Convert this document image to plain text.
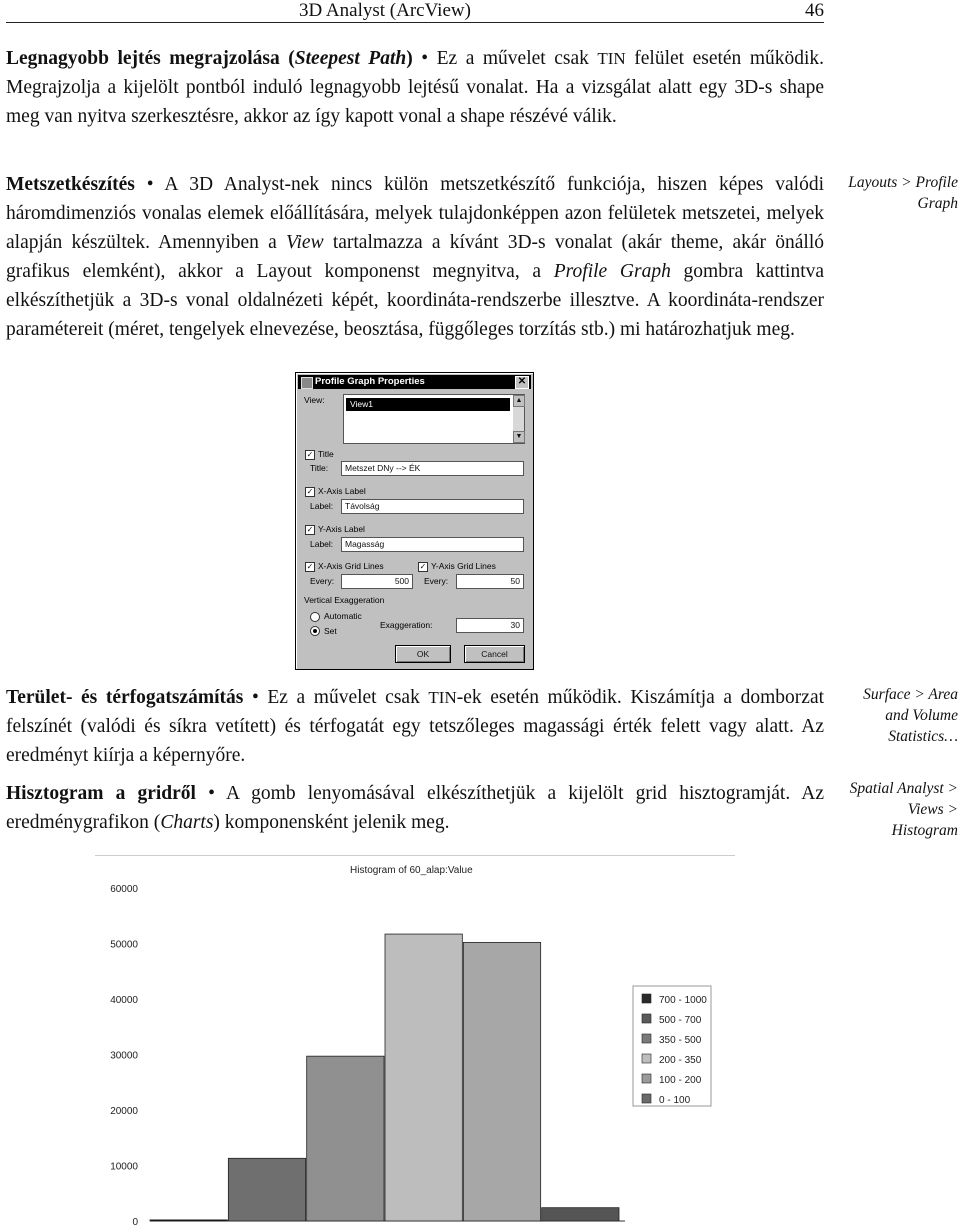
3D Analyst (ArcView)	46
Legnagyobb lejtés megrajzolása (Steepest Path) • Ez a művelet csak TIN felület esetén működik. Megrajzolja a kijelölt pontból induló legnagyobb lejtésű vonalat. Ha a vizsgálat alatt egy 3D-s shape meg van nyitva szerkesztésre, akkor az így kapott vonal a shape részévé válik.
Metszetkészítés • A 3D Analyst-nek nincs külön metszetkészítő funkciója, hiszen képes valódi háromdimenziós vonalas elemek előállítására, melyek tulajdonképpen azon felületek metszetei, melyek alapján készültek. Amennyiben a View tartalmazza a kívánt 3D-s vonalat (akár theme, akár önálló grafikus elemként), akkor a Layout komponenst megnyitva, a Profile Graph gombra kattintva elkészíthetjük a 3D-s vonal oldalnézeti képét, koordináta-rendszerbe illesztve. A koordináta-rendszer paramétereit (méret, tengelyek elnevezése, beosztása, függőleges torzítás stb.) mi határozhatjuk meg.
Layouts > Profile Graph
Profile Graph Properties	✕
View:	View1	▲
▼
✓ Title
Title:	Metszet DNy --> ÉK
✓ X-Axis Label
Label:	Távolság
✓ Y-Axis Label
Label:	Magasság
✓ X-Axis Grid Lines	✓ Y-Axis Grid Lines
Every:	500	Every:	50
Vertical Exaggeration
Automatic
Set
Exaggeration:	30
OK	Cancel
Terület- és térfogatszámítás • Ez a művelet csak TIN-ek esetén működik. Kiszámítja a domborzat felszínét (valódi és síkra vetített) és térfogatát egy tetszőleges magassági érték felett vagy alatt. Az eredményt kiírja a képernyőre.
Surface > Area and Volume Statistics…
Hisztogram a gridről • A gomb lenyomásával elkészíthetjük a kijelölt grid hisztogramját. Az eredménygrafikon (Charts) komponensként jelenik meg.
Spatial Analyst > Views > Histogram
Histogram of 60_alap:Value
0
10000
20000
30000
40000
50000
60000
700 - 1000
500 - 700
350 - 500
200 - 350
100 - 200
0 - 100
